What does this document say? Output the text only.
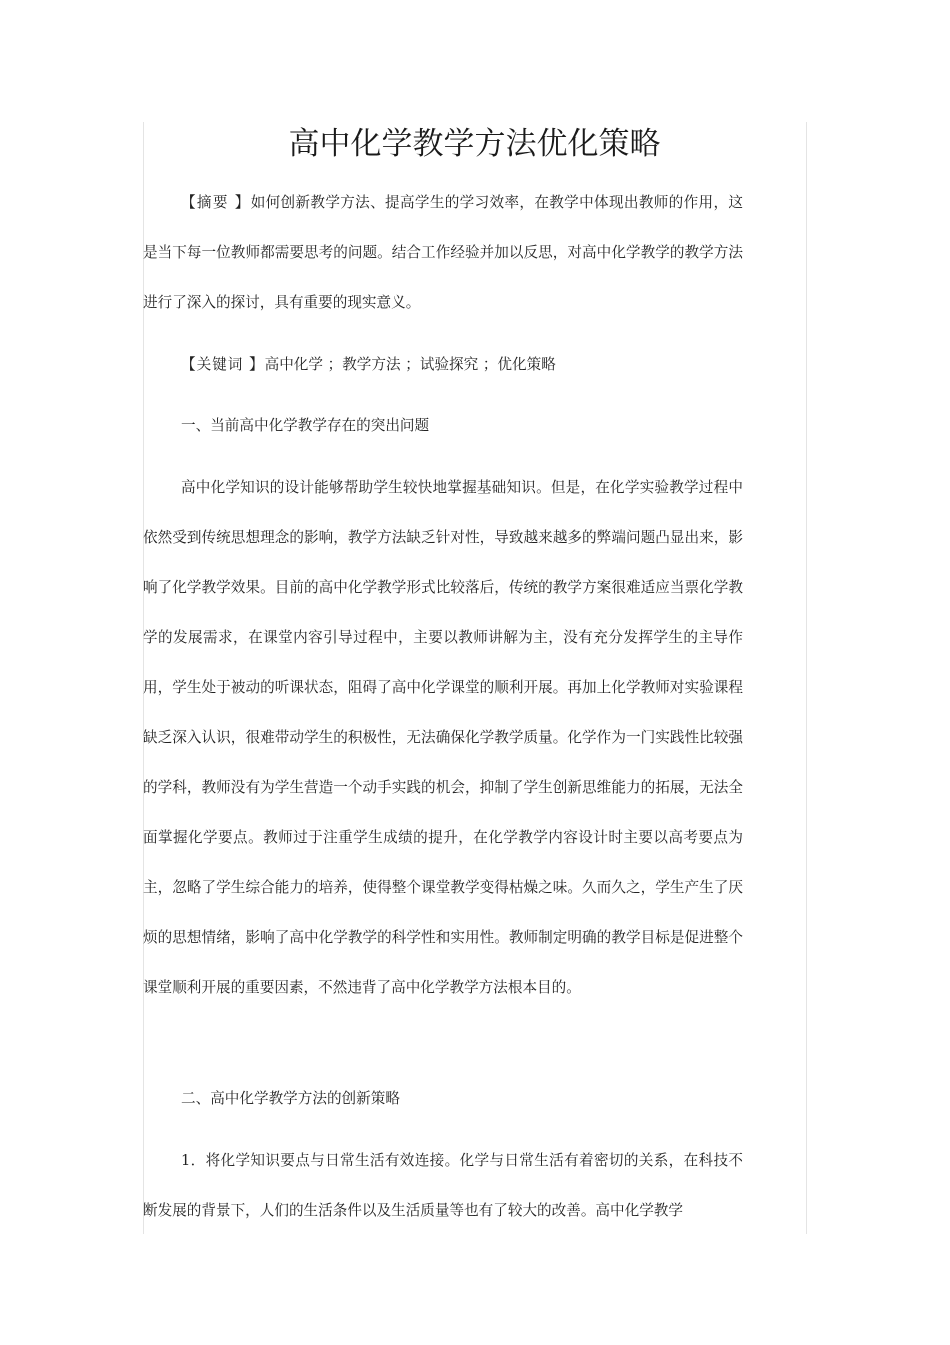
高中化学教学方法优化策略
【摘要 】如何创新教学方法、提高学生的学习效率，在教学中体现出教师的作用，这是当下每一位教师都需要思考的问题。结合工作经验并加以反思，对高中化学教学的教学方法进行了深入的探讨，具有重要的现实意义。
【关键词 】高中化学 ；教学方法 ；试验探究 ；优化策略
一、当前高中化学教学存在的突出问题
高中化学知识的设计能够帮助学生较快地掌握基础知识。但是，在化学实验教学过程中依然受到传统思想理念的影响，教学方法缺乏针对性，导致越来越多的弊端问题凸显出来，影响了化学教学效果。目前的高中化学教学形式比较落后，传统的教学方案很难适应当票化学教学的发展需求，在课堂内容引导过程中，主要以教师讲解为主，没有充分发挥学生的主导作用，学生处于被动的听课状态，阻碍了高中化学课堂的顺利开展。再加上化学教师对实验课程缺乏深入认识，很难带动学生的积极性，无法确保化学教学质量。化学作为一门实践性比较强的学科，教师没有为学生营造一个动手实践的机会，抑制了学生创新思维能力的拓展，无法全面掌握化学要点。教师过于注重学生成绩的提升，在化学教学内容设计时主要以高考要点为主，忽略了学生综合能力的培养，使得整个课堂教学变得枯燥之味。久而久之，学生产生了厌烦的思想情绪，影响了高中化学教学的科学性和实用性。教师制定明确的教学目标是促进整个课堂顺利开展的重要因素，不然违背了高中化学教学方法根本目的。
二、高中化学教学方法的创新策略
1．将化学知识要点与日常生活有效连接。化学与日常生活有着密切的关系，在科技不断发展的背景下，人们的生活条件以及生活质量等也有了较大的改善。高中化学教学
